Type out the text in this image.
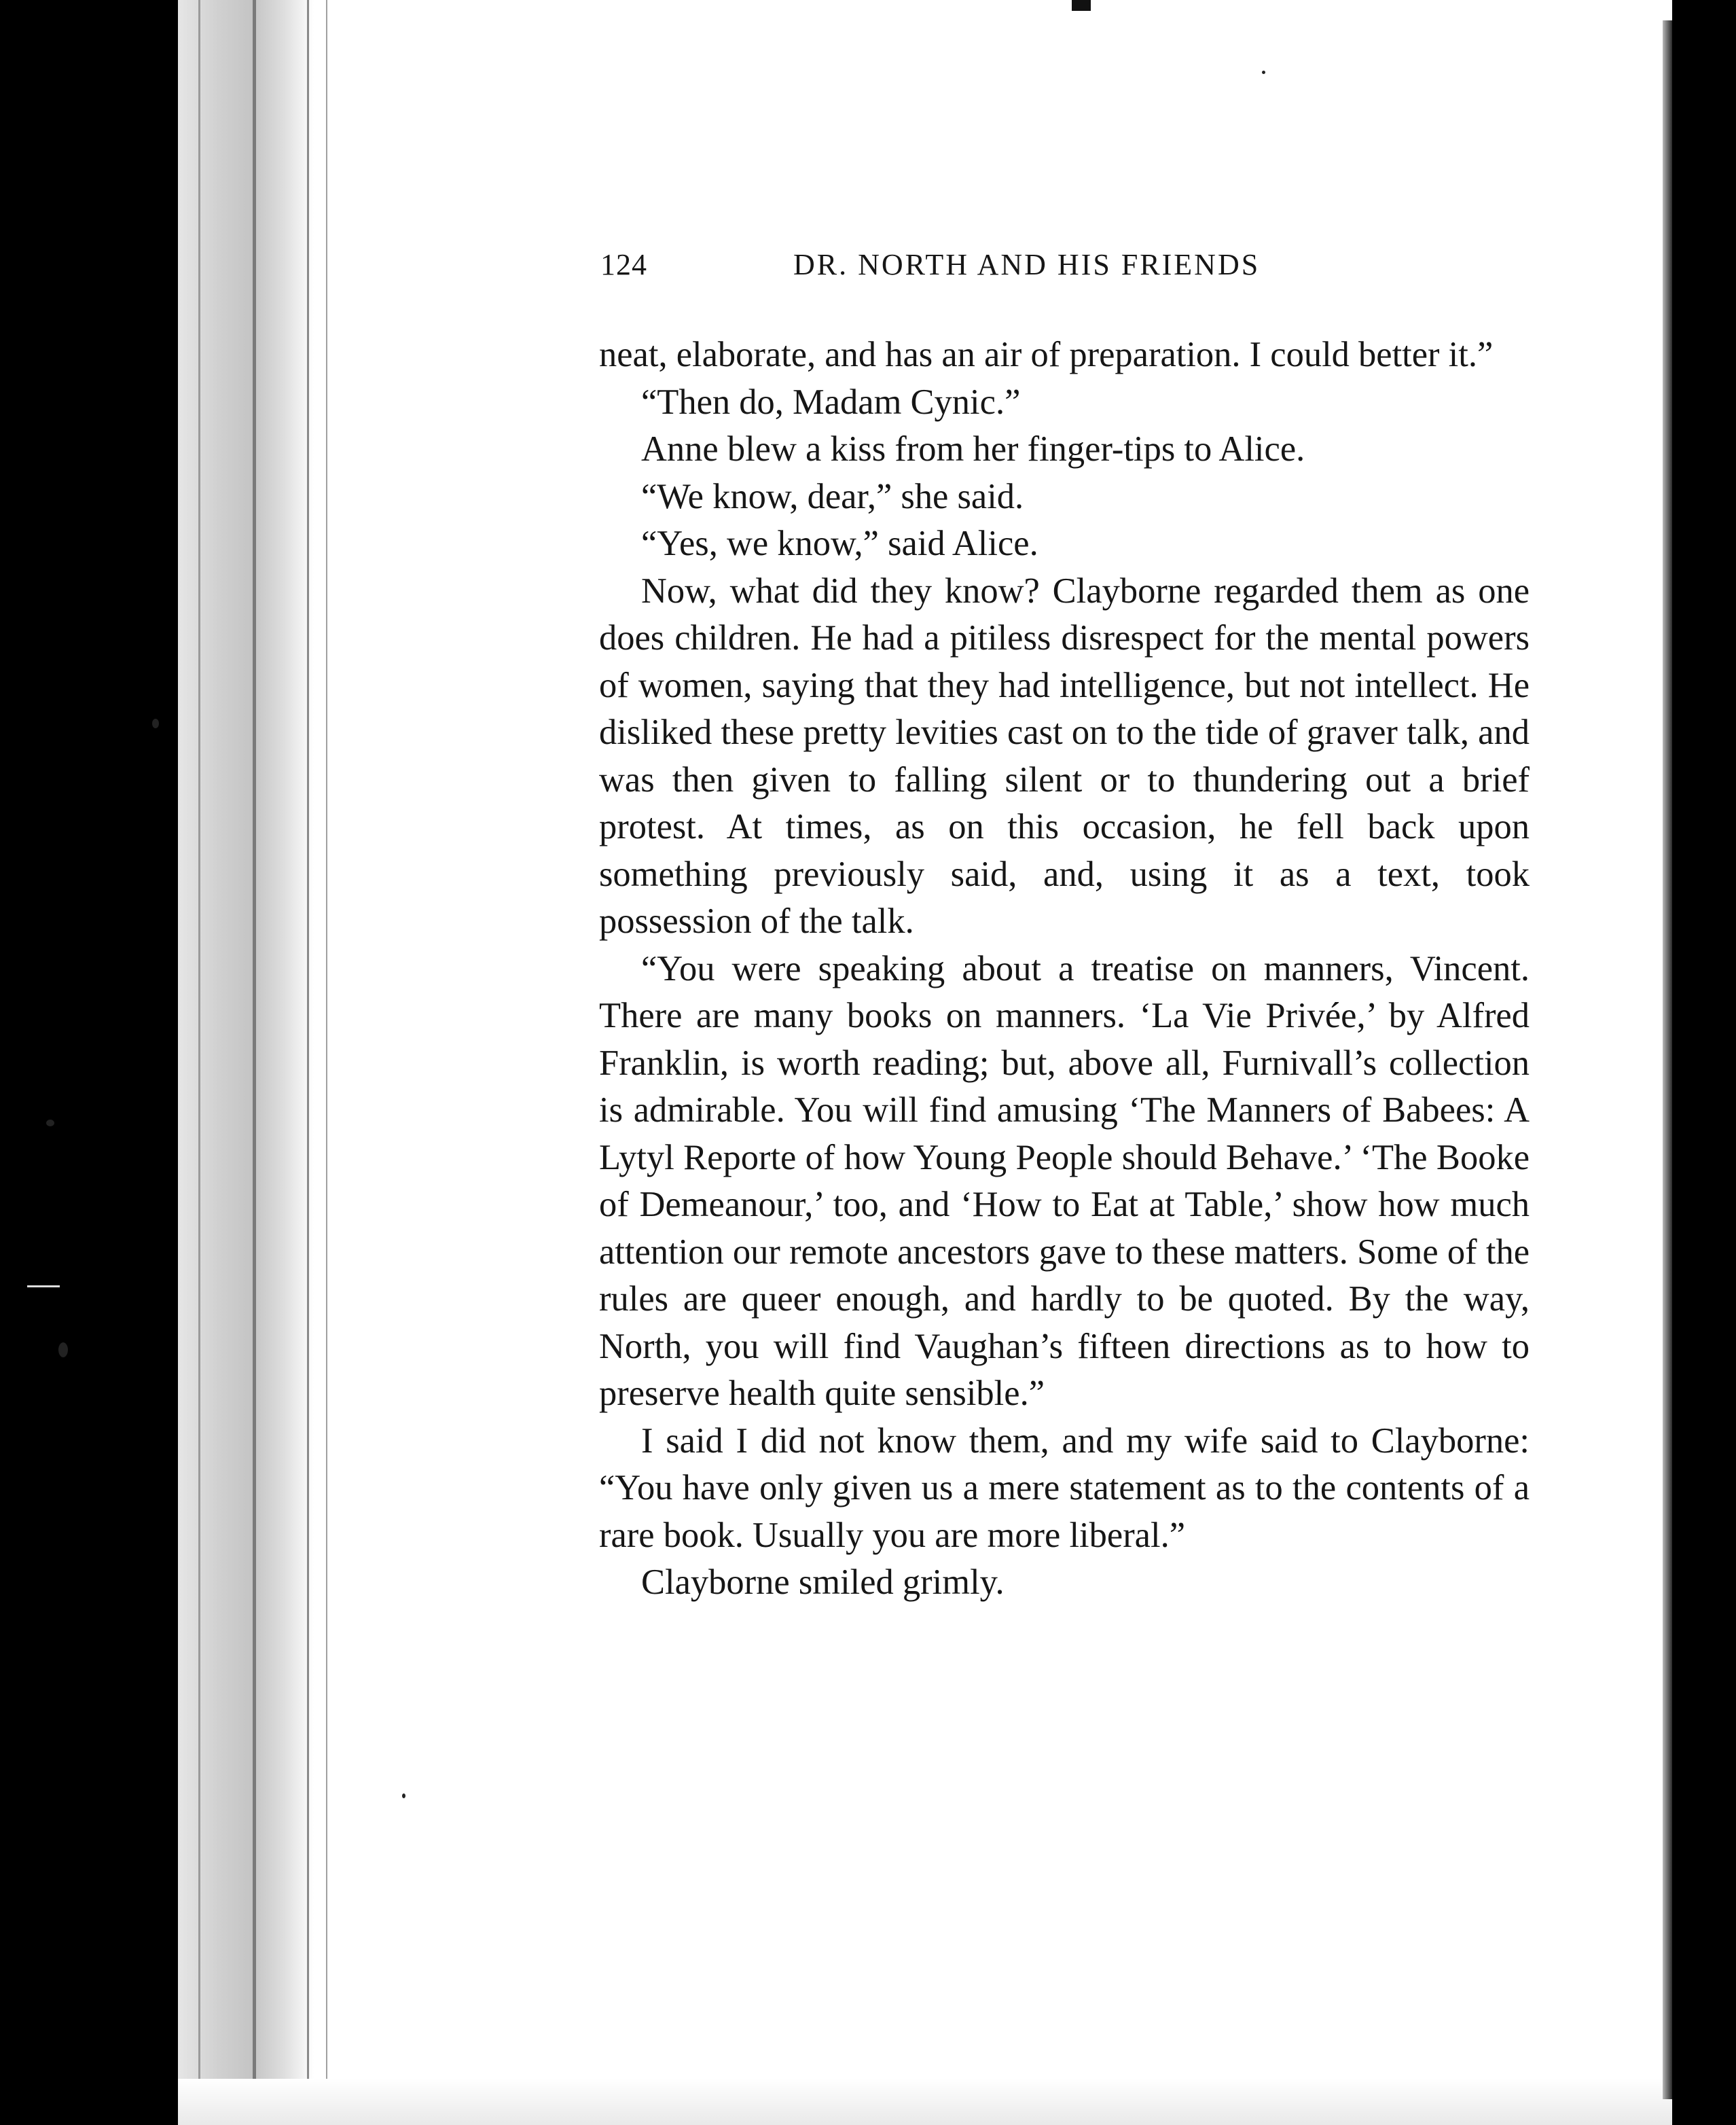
124	DR. NORTH AND HIS FRIENDS

neat, elaborate, and has an air of preparation. I could better it.”

“Then do, Madam Cynic.”

Anne blew a kiss from her finger-tips to Alice.

“We know, dear,” she said.

“Yes, we know,” said Alice.

Now, what did they know? Clayborne regarded them as one does children. He had a pitiless disrespect for the mental powers of women, saying that they had intelligence, but not intellect. He disliked these pretty levities cast on to the tide of graver talk, and was then given to falling silent or to thundering out a brief protest. At times, as on this occasion, he fell back upon something previously said, and, using it as a text, took possession of the talk.

“You were speaking about a treatise on manners, Vincent. There are many books on manners. ‘La Vie Privée,’ by Alfred Franklin, is worth reading; but, above all, Furnivall’s collection is admirable. You will find amusing ‘The Manners of Babees: A Lytyl Reporte of how Young People should Behave.’ ‘The Booke of Demeanour,’ too, and ‘How to Eat at Table,’ show how much attention our remote ancestors gave to these matters. Some of the rules are queer enough, and hardly to be quoted. By the way, North, you will find Vaughan’s fifteen directions as to how to preserve health quite sensible.”

I said I did not know them, and my wife said to Clayborne: “You have only given us a mere statement as to the contents of a rare book. Usually you are more liberal.”

Clayborne smiled grimly.
